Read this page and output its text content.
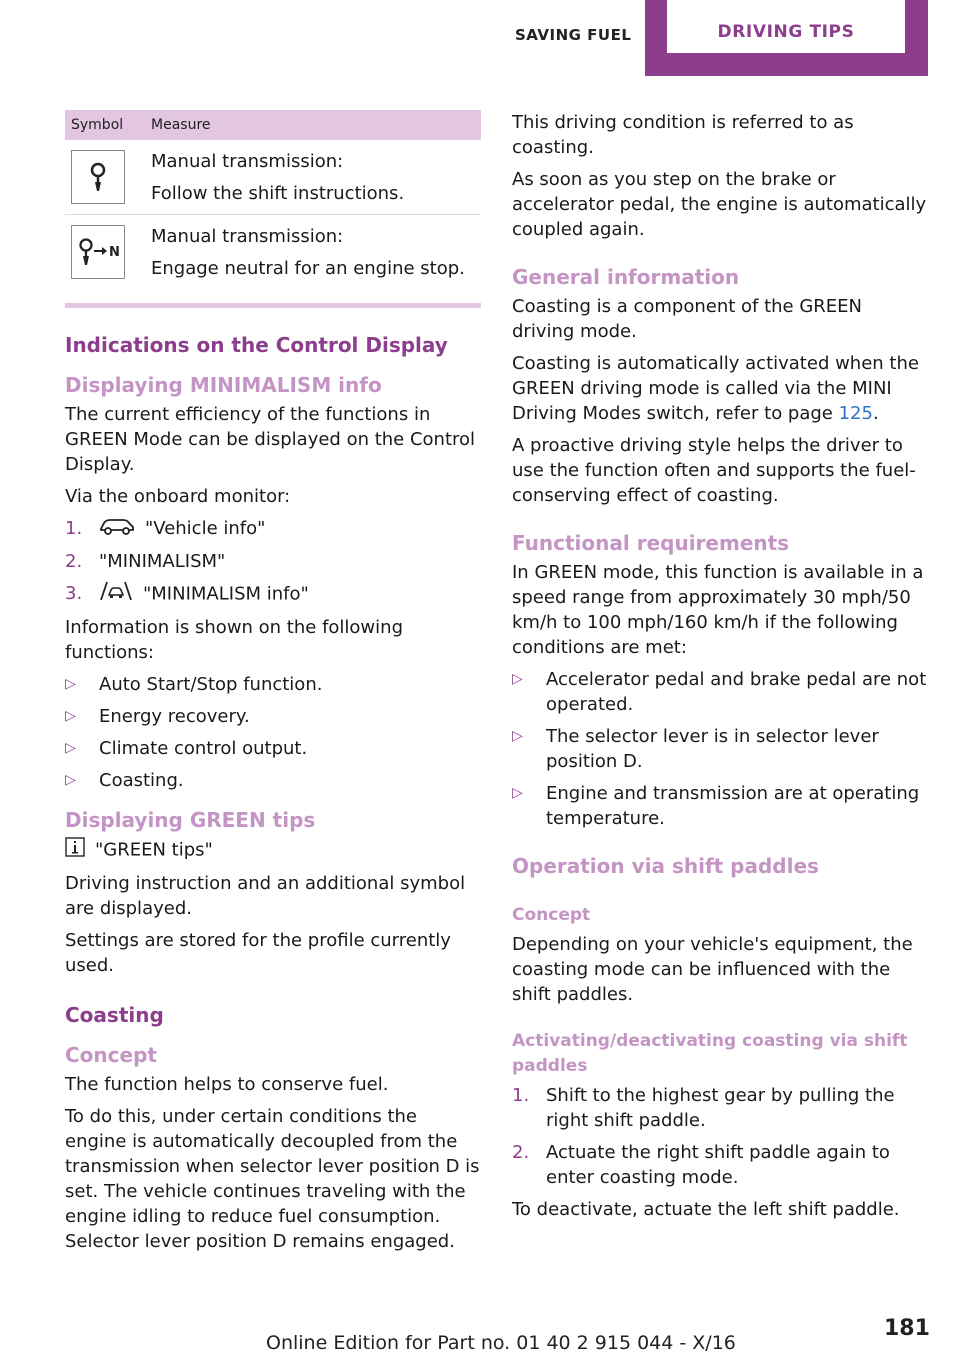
SAVING FUEL	DRIVING TIPS
Symbol	Measure

Manual transmission:
Follow the shift instructions.

N	Manual transmission:
Engage neutral for an engine stop.
Indications on the Control Display
Displaying MINIMALISM info

The current efficiency of the functions in GREEN Mode can be displayed on the Control Display.

Via the onboard monitor:

1.	"Vehicle info"
2. "MINIMALISM"
3.	"MINIMALISM info"

Information is shown on the following functions:

▷ Auto Start/Stop function.
▷ Energy recovery.
▷ Climate control output.
▷ Coasting.
Displaying GREEN tips

"GREEN tips"

Driving instruction and an additional symbol are displayed.

Settings are stored for the profile currently used.

Coasting
Concept

The function helps to conserve fuel.

To do this, under certain conditions the engine is automatically decoupled from the transmission when selector lever position D is set. The vehicle continues traveling with the engine idling to reduce fuel consumption. Selector lever position D remains engaged.

This driving condition is referred to as coasting.

As soon as you step on the brake or accelerator pedal, the engine is automatically coupled again.

General information

Coasting is a component of the GREEN driving mode.

Coasting is automatically activated when the GREEN driving mode is called via the MINI Driving Modes switch, refer to page 125.

A proactive driving style helps the driver to use the function often and supports the fuel-conserving effect of coasting.

Functional requirements

In GREEN mode, this function is available in a speed range from approximately 30 mph/50 km/h to 100 mph/160 km/h if the following conditions are met:

▷ Accelerator pedal and brake pedal are not operated.
▷ The selector lever is in selector lever position D.
▷ Engine and transmission are at operating temperature.
Operation via shift paddles
Concept

Depending on your vehicle's equipment, the coasting mode can be influenced with the shift paddles.

Activating/deactivating coasting via shift paddles
1. Shift to the highest gear by pulling the right shift paddle.
2. Actuate the right shift paddle again to enter coasting mode.

To deactivate, actuate the left shift paddle.

Online Edition for Part no. 01 40 2 915 044 - X/16
181
